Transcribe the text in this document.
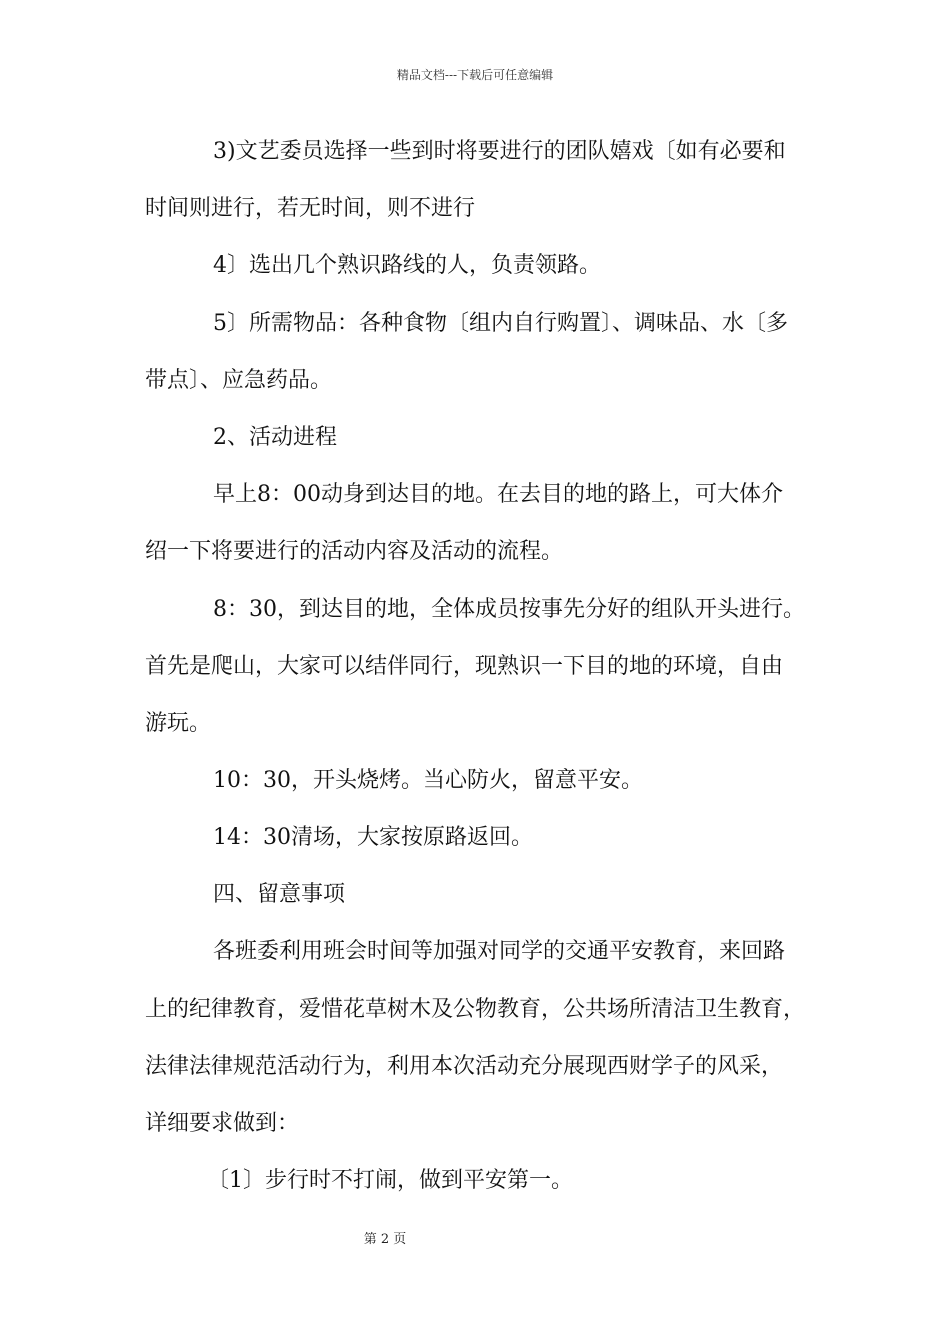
精品文档---下载后可任意编辑
3)文艺委员选择一些到时将要进行的团队嬉戏〔如有必要和
时间则进行，若无时间，则不进行
4〕选出几个熟识路线的人，负责领路。
5〕所需物品：各种食物〔组内自行购置〕、调味品、水〔多
带点〕、应急药品。
2、活动进程
早上8：00动身到达目的地。在去目的地的路上，可大体介
绍一下将要进行的活动内容及活动的流程。
8：30，到达目的地，全体成员按事先分好的组队开头进行。
首先是爬山，大家可以结伴同行，现熟识一下目的地的环境，自由
游玩。
10：30，开头烧烤。当心防火，留意平安。
14：30清场，大家按原路返回。
四、留意事项
各班委利用班会时间等加强对同学的交通平安教育，来回路
上的纪律教育，爱惜花草树木及公物教育，公共场所清洁卫生教育，
法律法律规范活动行为，利用本次活动充分展现西财学子的风采，
详细要求做到：
〔1〕步行时不打闹，做到平安第一。
第 2 页
